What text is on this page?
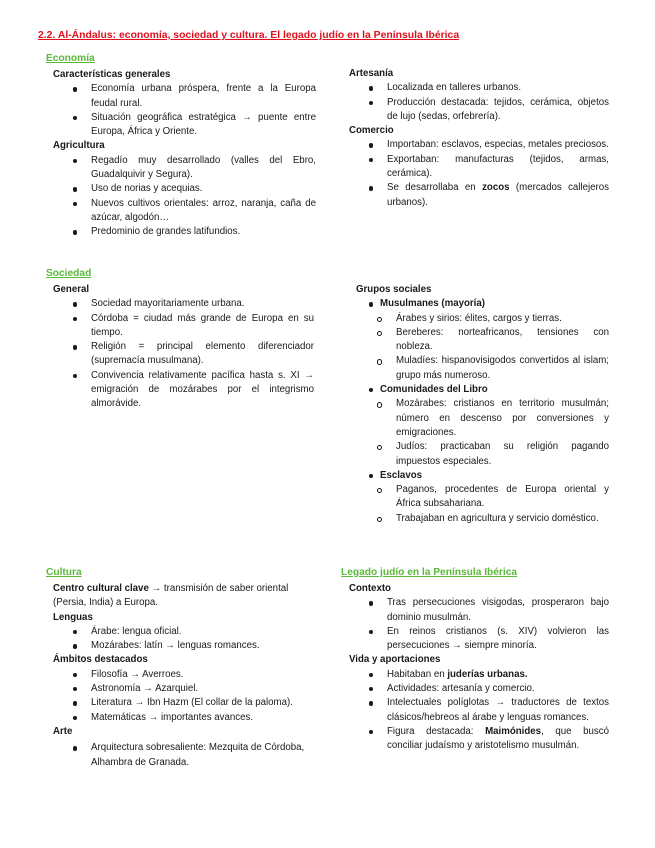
2.2. Al-Ándalus: economía, sociedad y cultura. El legado judío en la Península Ibérica
Economía

Características generales

Economía urbana próspera, frente a la Europa feudal rural.
Situación geográfica estratégica → puente entre Europa, África y Oriente.

Agricultura

Regadío muy desarrollado (valles del Ebro, Guadalquivir y Segura).
Uso de norias y acequias.
Nuevos cultivos orientales: arroz, naranja, caña de azúcar, algodón…
Predominio de grandes latifundios.

Artesanía

Localizada en talleres urbanos.
Producción destacada: tejidos, cerámica, objetos de lujo (sedas, orfebrería).

Comercio

Importaban: esclavos, especias, metales preciosos.
Exportaban: manufacturas (tejidos, armas, cerámica).
Se desarrollaba en zocos (mercados callejeros urbanos).
Sociedad

General

Sociedad mayoritariamente urbana.
Córdoba = ciudad más grande de Europa en su tiempo.
Religión = principal elemento diferenciador (supremacía musulmana).
Convivencia relativamente pacífica hasta s. XI → emigración de mozárabes por el integrismo almorávide.

Grupos sociales

Musulmanes (mayoría)
Árabes y sirios: élites, cargos y tierras.
Bereberes: norteafricanos, tensiones con nobleza.
Muladíes: hispanovisigodos convertidos al islam; grupo más numeroso.
Comunidades del Libro
Mozárabes: cristianos en territorio musulmán; número en descenso por conversiones y emigraciones.
Judíos: practicaban su religión pagando impuestos especiales.
Esclavos
Paganos, procedentes de Europa oriental y África subsahariana.
Trabajaban en agricultura y servicio doméstico.
Cultura

Centro cultural clave → transmisión de saber oriental (Persia, India) a Europa.

Lenguas

Árabe: lengua oficial.
Mozárabes: latín → lenguas romances.

Ámbitos destacados

Filosofía → Averroes.
Astronomía → Azarquiel.
Literatura → Ibn Hazm (El collar de la paloma).
Matemáticas → importantes avances.

Arte

Arquitectura sobresaliente: Mezquita de Córdoba, Alhambra de Granada.
Legado judío en la Península Ibérica

Contexto

Tras persecuciones visigodas, prosperaron bajo dominio musulmán.
En reinos cristianos (s. XIV) volvieron las persecuciones → siempre minoría.

Vida y aportaciones

Habitaban en juderías urbanas.
Actividades: artesanía y comercio.
Intelectuales políglotas → traductores de textos clásicos/hebreos al árabe y lenguas romances.
Figura destacada: Maimónides, que buscó conciliar judaísmo y aristotelismo musulmán.
